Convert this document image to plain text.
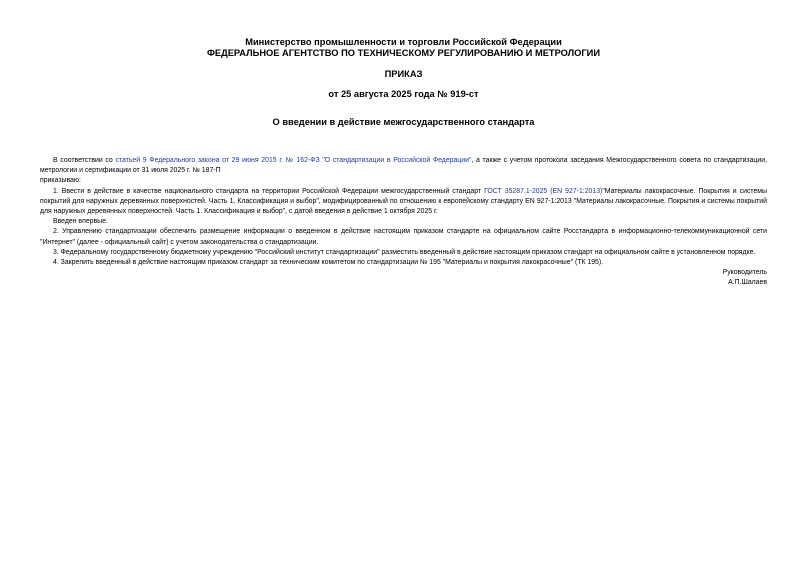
Министерство промышленности и торговли Российской Федерации

ФЕДЕРАЛЬНОЕ АГЕНТСТВО ПО ТЕХНИЧЕСКОМУ РЕГУЛИРОВАНИЮ И МЕТРОЛОГИИ

ПРИКАЗ

от 25 августа 2025 года № 919-ст

О введении в действие межгосударственного стандарта

В соответствии со статьей 9 Федерального закона от 29 июня 2015 г. № 162-ФЗ "О стандартизации в Российской Федерации", а также с учетом протокола заседания Межгосударственного совета по стандартизации, метрологии и сертификации от 31 июля 2025 г. № 187-П

приказываю:

1. Ввести в действие в качестве национального стандарта на территории Российской Федерации межгосударственный стандарт ГОСТ 35287.1-2025 (EN 927-1:2013)"Материалы лакокрасочные. Покрытия и системы покрытий для наружных деревянных поверхностей. Часть 1. Классификация и выбор", модифицированный по отношению к европейскому стандарту EN 927-1:2013 "Материалы лакокрасочные. Покрытия и системы покрытий для наружных деревянных поверхностей. Часть 1. Классификация и выбор", с датой введения в действие 1 октября 2025 г.

Введен впервые.

2. Управлению стандартизации обеспечить размещение информации о введенном в действие настоящим приказом стандарте на официальном сайте Росстандарта в информационно-телекоммуникационной сети "Интернет" (далее - официальный сайт) с учетом законодательства о стандартизации.

3. Федеральному государственному бюджетному учреждению "Российский институт стандартизации" разместить введенный в действие настоящим приказом стандарт на официальном сайте в установленном порядке.

4. Закрепить введенный в действие настоящим приказом стандарт за техническим комитетом по стандартизации № 195 "Материалы и покрытия лакокрасочные" (ТК 195).

Руководитель

А.П.Шалаев
